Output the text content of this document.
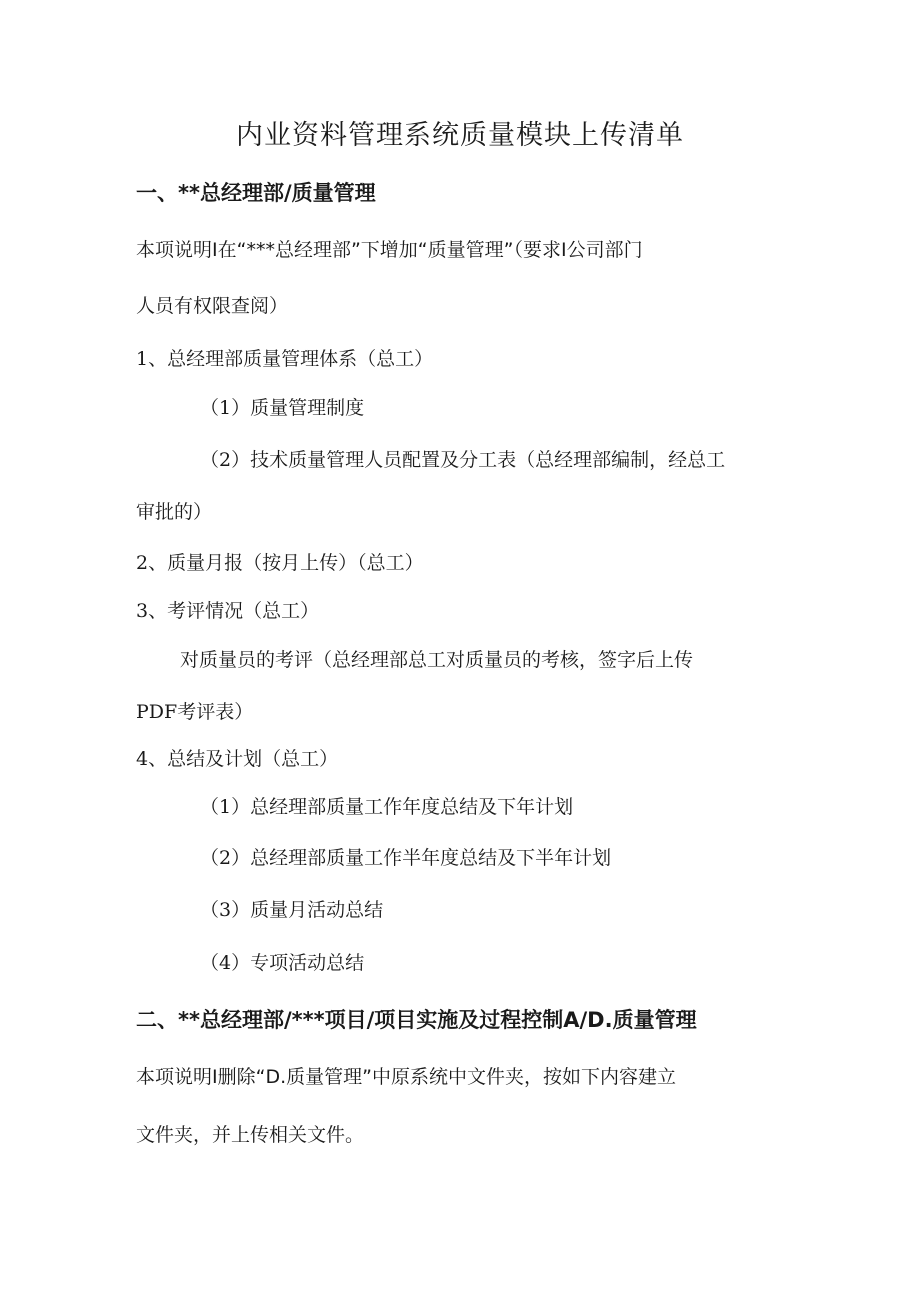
内业资料管理系统质量模块上传清单
一、**总经理部/质量管理
本项说明I在“***总经理部”下增加“质量管理”（要求I公司部门
人员有权限查阅）
1、总经理部质量管理体系（总工）
（1）质量管理制度
（2）技术质量管理人员配置及分工表（总经理部编制，经总工
审批的）
2、质量月报（按月上传）（总工）
3、考评情况（总工）
对质量员的考评（总经理部总工对质量员的考核，签字后上传
PDF考评表）
4、总结及计划（总工）
（1）总经理部质量工作年度总结及下年计划
（2）总经理部质量工作半年度总结及下半年计划
（3）质量月活动总结
（4）专项活动总结
二、**总经理部/***项目/项目实施及过程控制A/D.质量管理
本项说明I删除“D.质量管理”中原系统中文件夹，按如下内容建立
文件夹，并上传相关文件。
